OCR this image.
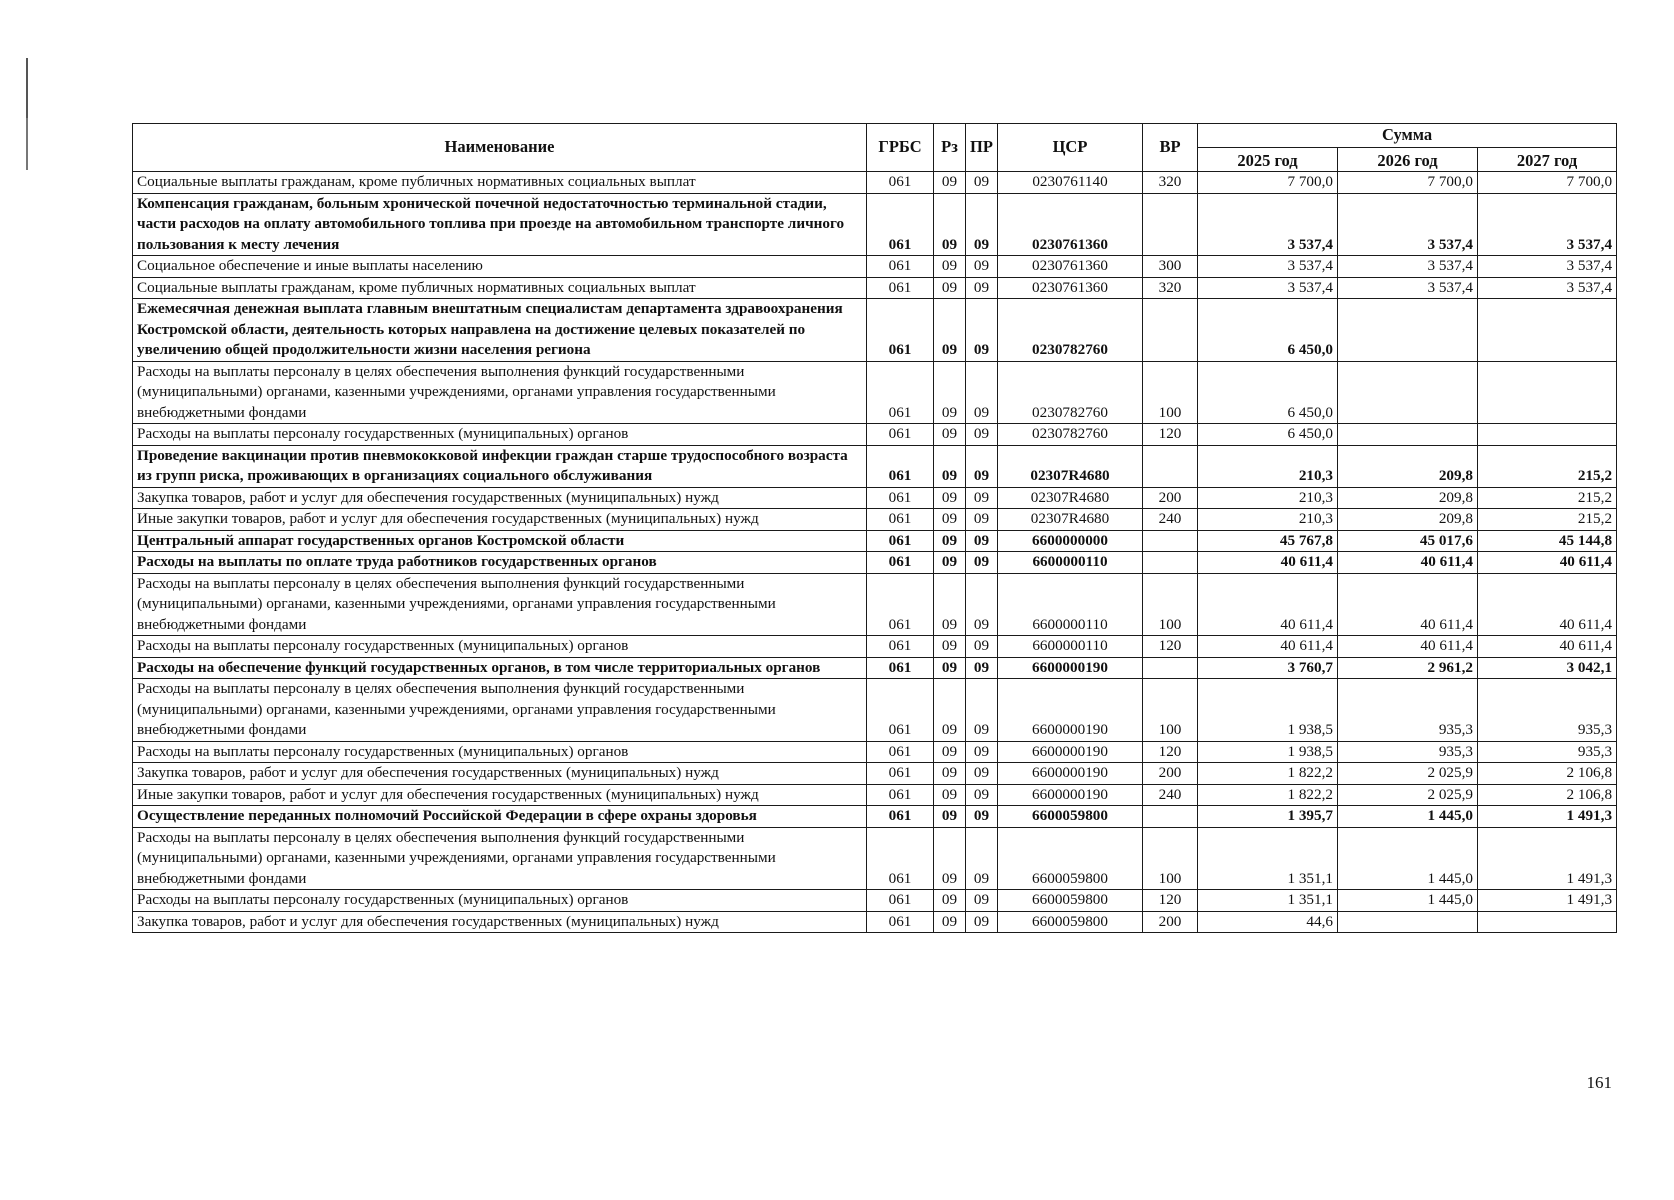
Наименование	ГРБС	Рз	ПР	ЦСР	ВР	Сумма		
						2025 год	2026 год	2027 год
Социальные выплаты гражданам, кроме публичных нормативных социальных выплат	061	09	09	0230761140	320	7 700,0	7 700,0	7 700,0
Компенсация гражданам, больным хронической почечной недостаточностью терминальной стадии, части расходов на оплату автомобильного топлива при проезде на автомобильном транспорте личного пользования к месту лечения	061	09	09	0230761360		3 537,4	3 537,4	3 537,4
Социальное обеспечение и иные выплаты населению	061	09	09	0230761360	300	3 537,4	3 537,4	3 537,4
Социальные выплаты гражданам, кроме публичных нормативных социальных выплат	061	09	09	0230761360	320	3 537,4	3 537,4	3 537,4
Ежемесячная денежная выплата главным внештатным специалистам департамента здравоохранения Костромской области, деятельность которых направлена на достижение целевых показателей по увеличению общей продолжительности жизни населения региона	061	09	09	0230782760		6 450,0		
Расходы на выплаты персоналу в целях обеспечения выполнения функций государственными (муниципальными) органами, казенными учреждениями, органами управления государственными внебюджетными фондами	061	09	09	0230782760	100	6 450,0		
Расходы на выплаты персоналу государственных (муниципальных) органов	061	09	09	0230782760	120	6 450,0		
Проведение вакцинации против пневмококковой инфекции граждан старше трудоспособного возраста из групп риска, проживающих в организациях социального обслуживания	061	09	09	02307R4680		210,3	209,8	215,2
Закупка товаров, работ и услуг для обеспечения государственных (муниципальных) нужд	061	09	09	02307R4680	200	210,3	209,8	215,2
Иные закупки товаров, работ и услуг для обеспечения государственных (муниципальных) нужд	061	09	09	02307R4680	240	210,3	209,8	215,2
Центральный аппарат государственных органов Костромской области	061	09	09	6600000000		45 767,8	45 017,6	45 144,8
Расходы на выплаты по оплате труда работников государственных органов	061	09	09	6600000110		40 611,4	40 611,4	40 611,4
Расходы на выплаты персоналу в целях обеспечения выполнения функций государственными (муниципальными) органами, казенными учреждениями, органами управления государственными внебюджетными фондами	061	09	09	6600000110	100	40 611,4	40 611,4	40 611,4
Расходы на выплаты персоналу государственных (муниципальных) органов	061	09	09	6600000110	120	40 611,4	40 611,4	40 611,4
Расходы на обеспечение функций государственных органов, в том числе территориальных органов	061	09	09	6600000190		3 760,7	2 961,2	3 042,1
Расходы на выплаты персоналу в целях обеспечения выполнения функций государственными (муниципальными) органами, казенными учреждениями, органами управления государственными внебюджетными фондами	061	09	09	6600000190	100	1 938,5	935,3	935,3
Расходы на выплаты персоналу государственных (муниципальных) органов	061	09	09	6600000190	120	1 938,5	935,3	935,3
Закупка товаров, работ и услуг для обеспечения государственных (муниципальных) нужд	061	09	09	6600000190	200	1 822,2	2 025,9	2 106,8
Иные закупки товаров, работ и услуг для обеспечения государственных (муниципальных) нужд	061	09	09	6600000190	240	1 822,2	2 025,9	2 106,8
Осуществление переданных полномочий Российской Федерации в сфере охраны здоровья	061	09	09	6600059800		1 395,7	1 445,0	1 491,3
Расходы на выплаты персоналу в целях обеспечения выполнения функций государственными (муниципальными) органами, казенными учреждениями, органами управления государственными внебюджетными фондами	061	09	09	6600059800	100	1 351,1	1 445,0	1 491,3
Расходы на выплаты персоналу государственных (муниципальных) органов	061	09	09	6600059800	120	1 351,1	1 445,0	1 491,3
Закупка товаров, работ и услуг для обеспечения государственных (муниципальных) нужд	061	09	09	6600059800	200	44,6		
161
